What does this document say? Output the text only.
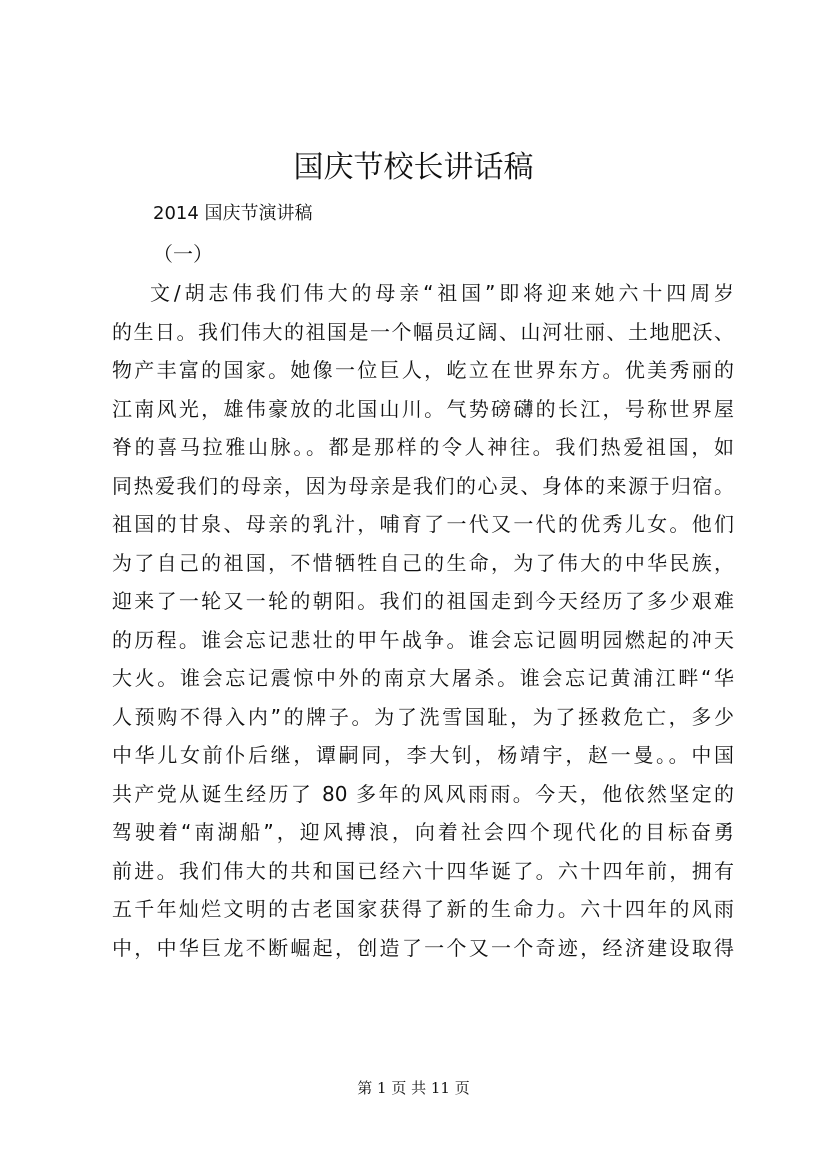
国庆节校长讲话稿

2014 国庆节演讲稿

（一）

文/胡志伟我们伟大的母亲“祖国”即将迎来她六十四周岁
的生日。我们伟大的祖国是一个幅员辽阔、山河壮丽、土地肥沃、
物产丰富的国家。她像一位巨人，屹立在世界东方。优美秀丽的
江南风光，雄伟豪放的北国山川。气势磅礴的长江，号称世界屋
脊的喜马拉雅山脉。。都是那样的令人神往。我们热爱祖国，如
同热爱我们的母亲，因为母亲是我们的心灵、身体的来源于归宿。
祖国的甘泉、母亲的乳汁，哺育了一代又一代的优秀儿女。他们
为了自己的祖国，不惜牺牲自己的生命，为了伟大的中华民族，
迎来了一轮又一轮的朝阳。我们的祖国走到今天经历了多少艰难
的历程。谁会忘记悲壮的甲午战争。谁会忘记圆明园燃起的冲天
大火。谁会忘记震惊中外的南京大屠杀。谁会忘记黄浦江畔“华
人预购不得入内”的牌子。为了洗雪国耻，为了拯救危亡，多少
中华儿女前仆后继，谭嗣同，李大钊，杨靖宇，赵一曼。。中国
共产党从诞生经历了 80 多年的风风雨雨。今天，他依然坚定的
驾驶着“南湖船”，迎风搏浪，向着社会四个现代化的目标奋勇
前进。我们伟大的共和国已经六十四华诞了。六十四年前，拥有
五千年灿烂文明的古老国家获得了新的生命力。六十四年的风雨
中，中华巨龙不断崛起，创造了一个又一个奇迹，经济建设取得

第 1 页 共 11 页
